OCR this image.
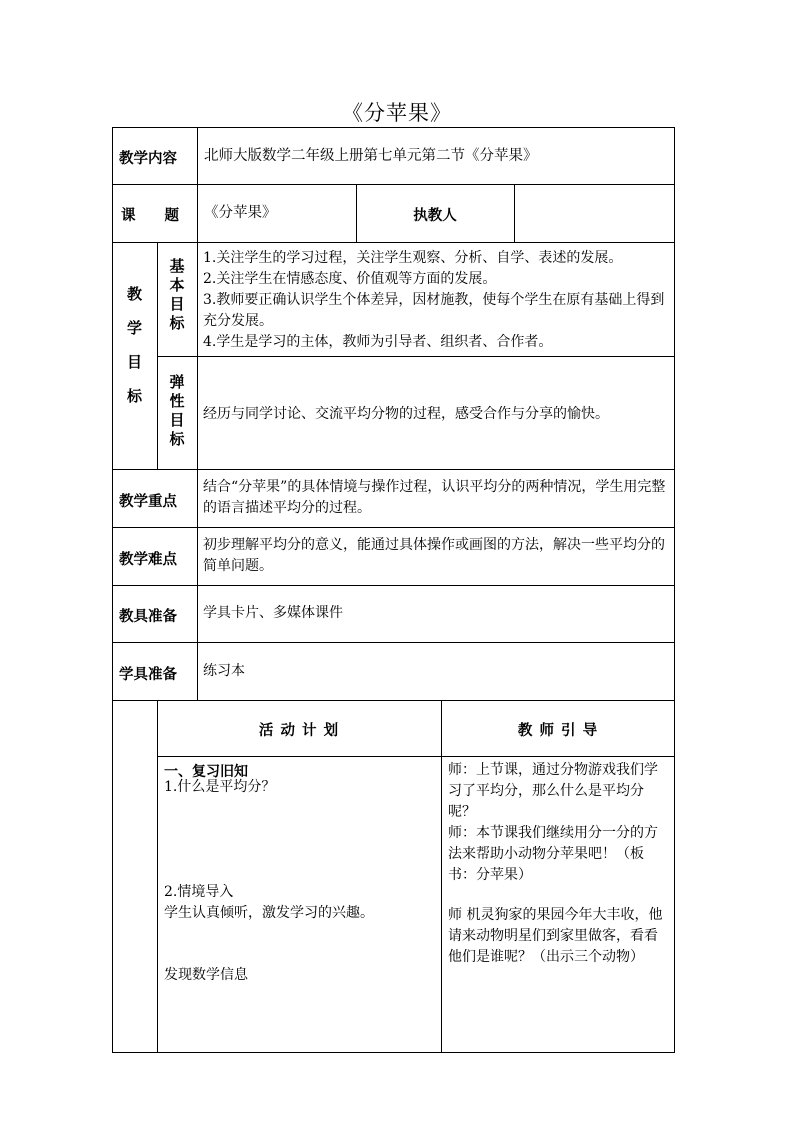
《分苹果》
教学内容 北师大版数学二年级上册第七单元第二节《分苹果》
课　　题 《分苹果》	执教人
教
学
目
标
基
本
目
标
1.关注学生的学习过程，关注学生观察、分析、自学、表述的发展。
2.关注学生在情感态度、价值观等方面的发展。
3.教师要正确认识学生个体差异，因材施教，使每个学生在原有基础上得到充分发展。
4.学生是学习的主体，教师为引导者、组织者、合作者。
弹
性
目
标
经历与同学讨论、交流平均分物的过程，感受合作与分享的愉快。
教学重点
结合“分苹果”的具体情境与操作过程，认识平均分的两种情况，学生用完整的语言描述平均分的过程。
教学难点
初步理解平均分的意义，能通过具体操作或画图的方法，解决一些平均分的简单问题。
教具准备 学具卡片、多媒体课件
学具准备 练习本
活 动 计 划	教 师 引 导
一、复习旧知
1.什么是平均分？
2.情境导入
学生认真倾听，激发学习的兴趣。
发现数学信息
师：上节课，通过分物游戏我们学习了平均分，那么什么是平均分呢？
师：本节课我们继续用分一分的方法来帮助小动物分苹果吧！（板书：分苹果）
师 机灵狗家的果园今年大丰收，他请来动物明星们到家里做客，看看他们是谁呢？（出示三个动物）
